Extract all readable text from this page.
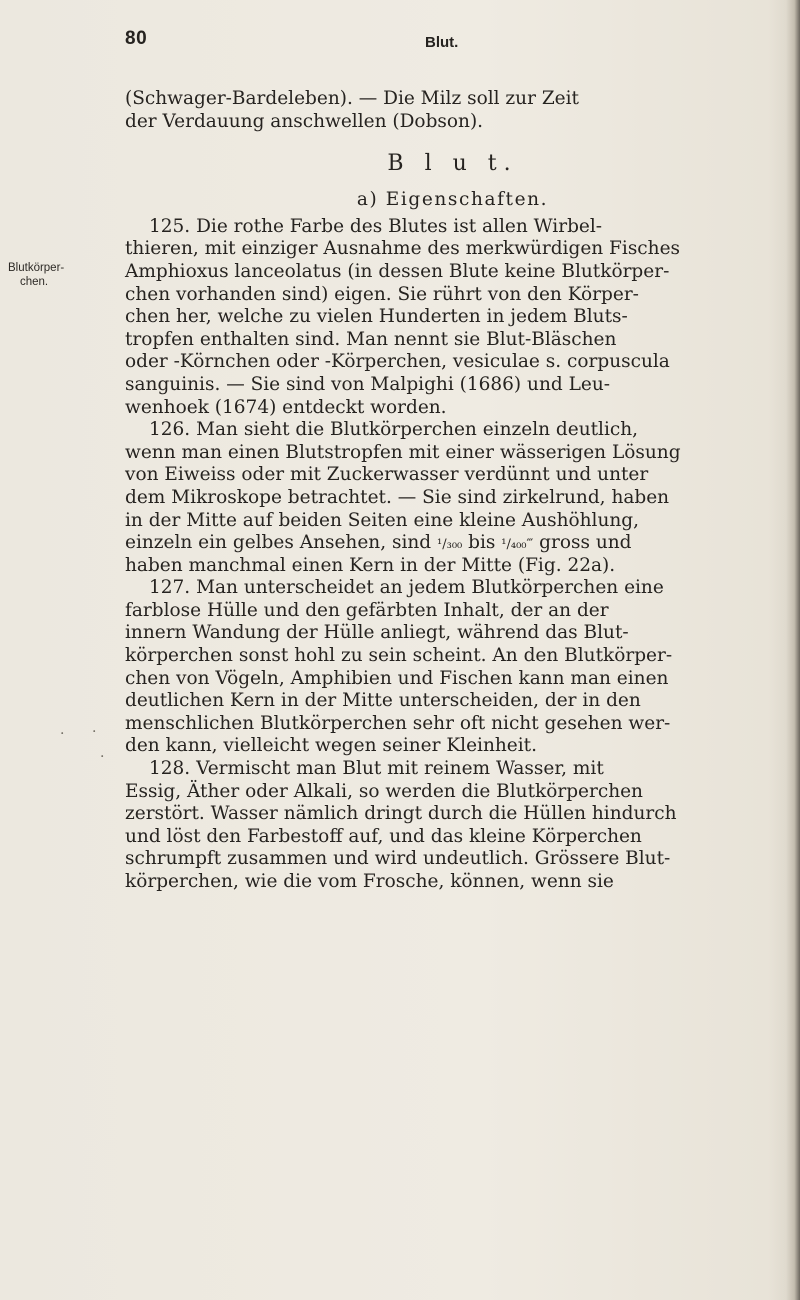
80	Blut.
Blutkörper-
chen.
(Schwager-Bardeleben). — Die Milz soll zur Zeit
der Verdauung anschwellen (Dobson).
B l u t.
a) Eigenschaften.
125. Die rothe Farbe des Blutes ist allen Wirbel-
thieren, mit einziger Ausnahme des merkwürdigen Fisches
Amphioxus lanceolatus (in dessen Blute keine Blutkörper-
chen vorhanden sind) eigen. Sie rührt von den Körper-
chen her, welche zu vielen Hunderten in jedem Bluts-
tropfen enthalten sind. Man nennt sie Blut-Bläschen
oder -Körnchen oder -Körperchen, vesiculae s. corpuscula
sanguinis. — Sie sind von Malpighi (1686) und Leu-
wenhoek (1674) entdeckt worden.
126. Man sieht die Blutkörperchen einzeln deutlich,
wenn man einen Blutstropfen mit einer wässerigen Lösung
von Eiweiss oder mit Zuckerwasser verdünnt und unter
dem Mikroskope betrachtet. — Sie sind zirkelrund, haben
in der Mitte auf beiden Seiten eine kleine Aushöhlung,
einzeln ein gelbes Ansehen, sind ¹/₃₀₀ bis ¹/₄₀₀‴ gross und
haben manchmal einen Kern in der Mitte (Fig. 22a).
127. Man unterscheidet an jedem Blutkörperchen eine
farblose Hülle und den gefärbten Inhalt, der an der
innern Wandung der Hülle anliegt, während das Blut-
körperchen sonst hohl zu sein scheint. An den Blutkörper-
chen von Vögeln, Amphibien und Fischen kann man einen
deutlichen Kern in der Mitte unterscheiden, der in den
menschlichen Blutkörperchen sehr oft nicht gesehen wer-
den kann, vielleicht wegen seiner Kleinheit.
128. Vermischt man Blut mit reinem Wasser, mit
Essig, Äther oder Alkali, so werden die Blutkörperchen
zerstört. Wasser nämlich dringt durch die Hüllen hindurch
und löst den Farbestoff auf, und das kleine Körperchen
schrumpft zusammen und wird undeutlich. Grössere Blut-
körperchen, wie die vom Frosche, können, wenn sie
· ·
·
